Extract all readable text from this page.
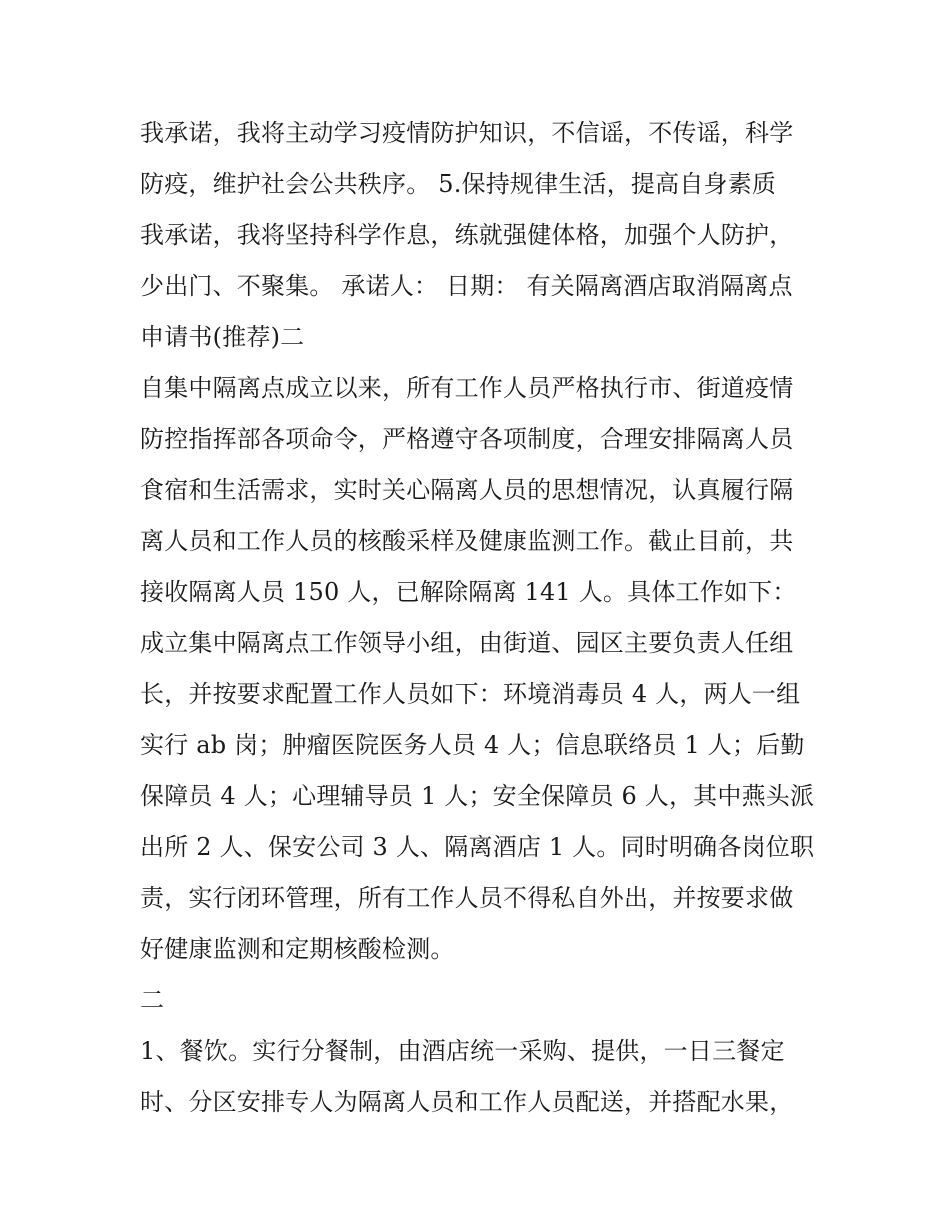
我承诺，我将主动学习疫情防护知识，不信谣，不传谣，科学
防疫，维护社会公共秩序。 5.保持规律生活，提高自身素质
我承诺，我将坚持科学作息，练就强健体格，加强个人防护，
少出门、不聚集。 承诺人： 日期： 有关隔离酒店取消隔离点
申请书(推荐)二
自集中隔离点成立以来，所有工作人员严格执行市、街道疫情
防控指挥部各项命令，严格遵守各项制度，合理安排隔离人员
食宿和生活需求，实时关心隔离人员的思想情况，认真履行隔
离人员和工作人员的核酸采样及健康监测工作。截止目前，共
接收隔离人员 150 人，已解除隔离 141 人。具体工作如下：
成立集中隔离点工作领导小组，由街道、园区主要负责人任组
长，并按要求配置工作人员如下：环境消毒员 4 人，两人一组
实行 ab 岗；肿瘤医院医务人员 4 人；信息联络员 1 人；后勤
保障员 4 人；心理辅导员 1 人；安全保障员 6 人，其中燕头派
出所 2 人、保安公司 3 人、隔离酒店 1 人。同时明确各岗位职
责，实行闭环管理，所有工作人员不得私自外出，并按要求做
好健康监测和定期核酸检测。
二
1、餐饮。实行分餐制，由酒店统一采购、提供，一日三餐定
时、分区安排专人为隔离人员和工作人员配送，并搭配水果，
